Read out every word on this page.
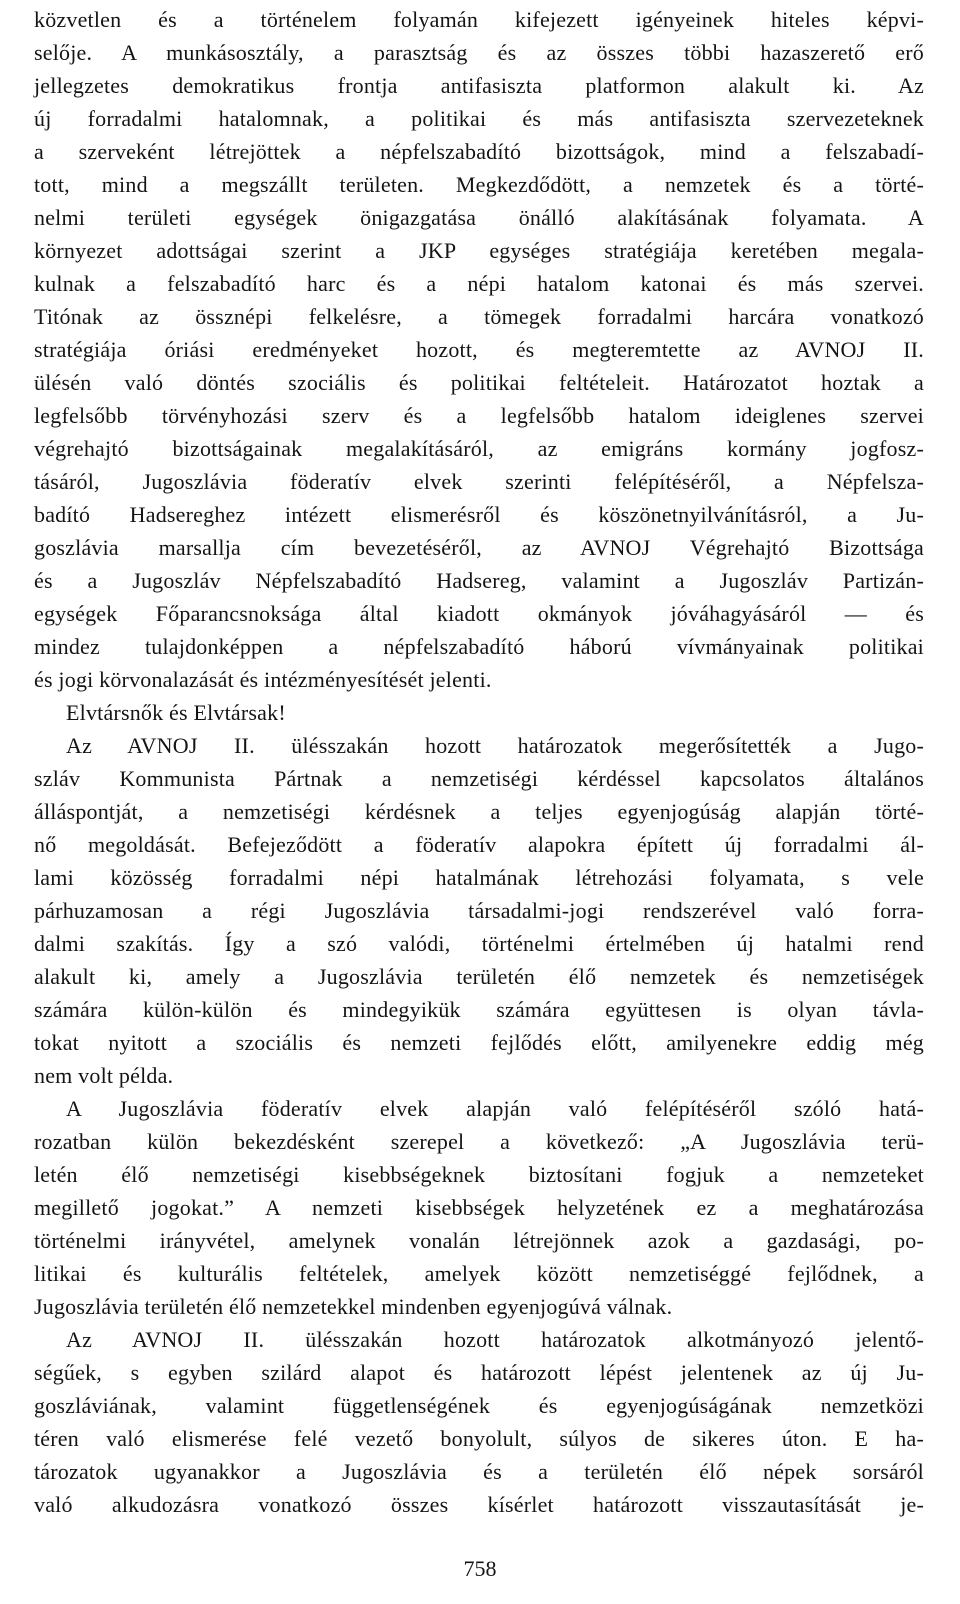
közvetlen és a történelem folyamán kifejezett igényeinek hiteles képvi-
selője. A munkásosztály, a parasztság és az összes többi hazaszerető erő
jellegzetes demokratikus frontja antifasiszta platformon alakult ki. Az
új forradalmi hatalomnak, a politikai és más antifasiszta szervezeteknek
a szerveként létrejöttek a népfelszabadító bizottságok, mind a felszabadí-
tott, mind a megszállt területen. Megkezdődött, a nemzetek és a törté-
nelmi területi egységek önigazgatása önálló alakításának folyamata. A
környezet adottságai szerint a JKP egységes stratégiája keretében megala-
kulnak a felszabadító harc és a népi hatalom katonai és más szervei.
Titónak az össznépi felkelésre, a tömegek forradalmi harcára vonatkozó
stratégiája óriási eredményeket hozott, és megteremtette az AVNOJ II.
ülésén való döntés szociális és politikai feltételeit. Határozatot hoztak a
legfelsőbb törvényhozási szerv és a legfelsőbb hatalom ideiglenes szervei
végrehajtó bizottságainak megalakításáról, az emigráns kormány jogfosz-
tásáról, Jugoszlávia föderatív elvek szerinti felépítéséről, a Népfelsza-
badító Hadsereghez intézett elismerésről és köszönetnyilvánításról, a Ju-
goszlávia marsallja cím bevezetéséről, az AVNOJ Végrehajtó Bizottsága
és a Jugoszláv Népfelszabadító Hadsereg, valamint a Jugoszláv Partizán-
egységek Főparancsnoksága által kiadott okmányok jóváhagyásáról — és
mindez tulajdonképpen a népfelszabadító háború vívmányainak politikai
és jogi körvonalazását és intézményesítését jelenti.
Elvtársnők és Elvtársak!
Az AVNOJ II. ülésszakán hozott határozatok megerősítették a Jugo-
szláv Kommunista Pártnak a nemzetiségi kérdéssel kapcsolatos általános
álláspontját, a nemzetiségi kérdésnek a teljes egyenjogúság alapján törté-
nő megoldását. Befejeződött a föderatív alapokra épített új forradalmi ál-
lami közösség forradalmi népi hatalmának létrehozási folyamata, s vele
párhuzamosan a régi Jugoszlávia társadalmi-jogi rendszerével való forra-
dalmi szakítás. Így a szó valódi, történelmi értelmében új hatalmi rend
alakult ki, amely a Jugoszlávia területén élő nemzetek és nemzetiségek
számára külön-külön és mindegyikük számára együttesen is olyan távla-
tokat nyitott a szociális és nemzeti fejlődés előtt, amilyenekre eddig még
nem volt példa.
A Jugoszlávia föderatív elvek alapján való felépítéséről szóló hatá-
rozatban külön bekezdésként szerepel a következő: „A Jugoszlávia terü-
letén élő nemzetiségi kisebbségeknek biztosítani fogjuk a nemzeteket
megillető jogokat.” A nemzeti kisebbségek helyzetének ez a meghatározása
történelmi irányvétel, amelynek vonalán létrejönnek azok a gazdasági, po-
litikai és kulturális feltételek, amelyek között nemzetiséggé fejlődnek, a
Jugoszlávia területén élő nemzetekkel mindenben egyenjogúvá válnak.
Az AVNOJ II. ülésszakán hozott határozatok alkotmányozó jelentő-
ségűek, s egyben szilárd alapot és határozott lépést jelentenek az új Ju-
goszláviának, valamint függetlenségének és egyenjogúságának nemzetközi
téren való elismerése felé vezető bonyolult, súlyos de sikeres úton. E ha-
tározatok ugyanakkor a Jugoszlávia és a területén élő népek sorsáról
való alkudozásra vonatkozó összes kísérlet határozott visszautasítását je-
758
